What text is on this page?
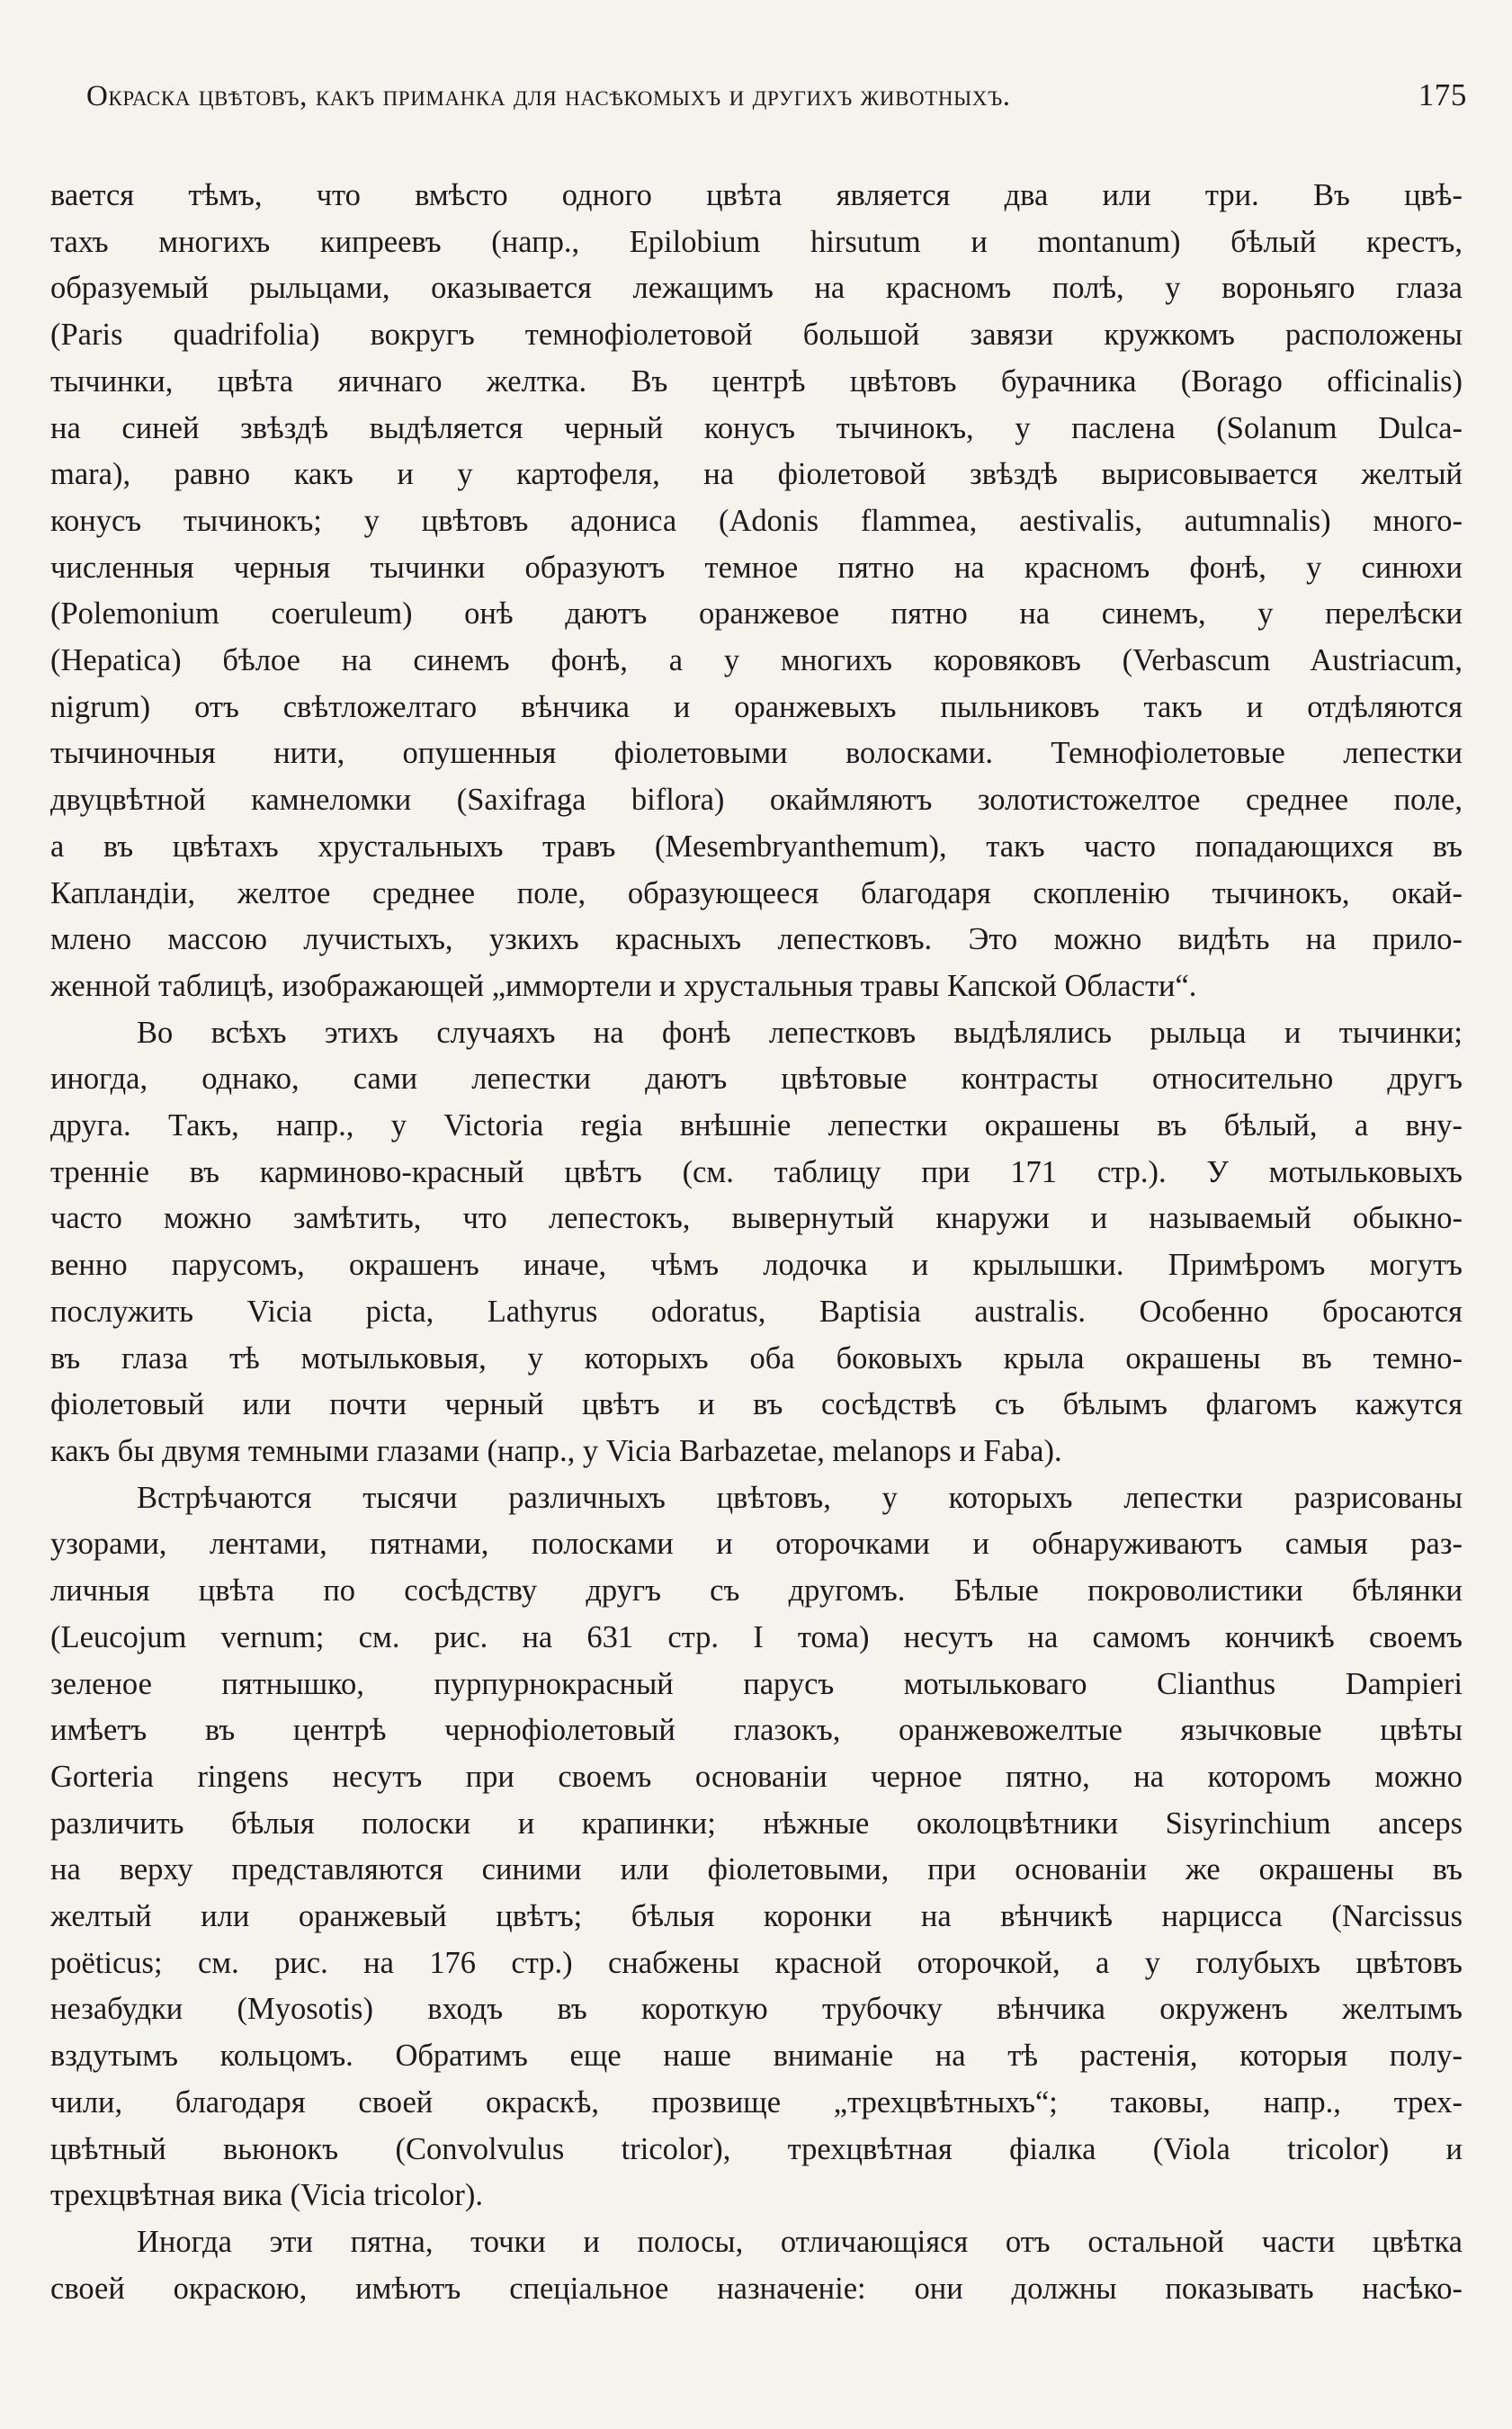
Окраска цвѣтовъ, какъ приманка для насѣкомыхъ и другихъ животныхъ.	175
вается тѣмъ, что вмѣсто одного цвѣта является два или три. Въ цвѣ-
тахъ многихъ кипреевъ (напр., Epilobium hirsutum и montanum) бѣлый крестъ,
образуемый рыльцами, оказывается лежащимъ на красномъ полѣ, у вороньяго глаза
(Paris quadrifolia) вокругъ темнофіолетовой большой завязи кружкомъ расположены
тычинки, цвѣта яичнаго желтка. Въ центрѣ цвѣтовъ бурачника (Borago officinalis)
на синей звѣздѣ выдѣляется черный конусъ тычинокъ, у паслена (Solanum Dulca-
mara), равно какъ и у картофеля, на фіолетовой звѣздѣ вырисовывается желтый
конусъ тычинокъ; у цвѣтовъ адониса (Adonis flammea, aestivalis, autumnalis) много-
численныя черныя тычинки образуютъ темное пятно на красномъ фонѣ, у синюхи
(Polemonium coeruleum) онѣ даютъ оранжевое пятно на синемъ, у перелѣски
(Hepatica) бѣлое на синемъ фонѣ, а у многихъ коровяковъ (Verbascum Austriacum,
nigrum) отъ свѣтложелтаго вѣнчика и оранжевыхъ пыльниковъ такъ и отдѣляются
тычиночныя нити, опушенныя фіолетовыми волосками. Темнофіолетовые лепестки
двуцвѣтной камнеломки (Saxifraga biflora) окаймляютъ золотистожелтое среднее поле,
а въ цвѣтахъ хрустальныхъ травъ (Mesembryanthemum), такъ часто попадающихся въ
Капландіи, желтое среднее поле, образующееся благодаря скопленію тычинокъ, окай-
млено массою лучистыхъ, узкихъ красныхъ лепестковъ. Это можно видѣть на прило-
женной таблицѣ, изображающей „иммортели и хрустальныя травы Капской Области“.
Во всѣхъ этихъ случаяхъ на фонѣ лепестковъ выдѣлялись рыльца и тычинки;
иногда, однако, сами лепестки даютъ цвѣтовые контрасты относительно другъ
друга. Такъ, напр., у Victoria regia внѣшніе лепестки окрашены въ бѣлый, а вну-
тренніе въ карминово-красный цвѣтъ (см. таблицу при 171 стр.). У мотыльковыхъ
часто можно замѣтить, что лепестокъ, вывернутый кнаружи и называемый обыкно-
венно парусомъ, окрашенъ иначе, чѣмъ лодочка и крылышки. Примѣромъ могутъ
послужить Vicia picta, Lathyrus odoratus, Baptisia australis. Особенно бросаются
въ глаза тѣ мотыльковыя, у которыхъ оба боковыхъ крыла окрашены въ темно-
фіолетовый или почти черный цвѣтъ и въ сосѣдствѣ съ бѣлымъ флагомъ кажутся
какъ бы двумя темными глазами (напр., у Vicia Barbazetae, melanops и Faba).
Встрѣчаются тысячи различныхъ цвѣтовъ, у которыхъ лепестки разрисованы
узорами, лентами, пятнами, полосками и оторочками и обнаруживаютъ самыя раз-
личныя цвѣта по сосѣдству другъ съ другомъ. Бѣлые покроволистики бѣлянки
(Leucojum vernum; см. рис. на 631 стр. I тома) несутъ на самомъ кончикѣ своемъ
зеленое пятнышко, пурпурнокрасный парусъ мотыльковаго Clianthus Dampieri
имѣетъ въ центрѣ чернофіолетовый глазокъ, оранжевожелтые язычковые цвѣты
Gorteria ringens несутъ при своемъ основаніи черное пятно, на которомъ можно
различить бѣлыя полоски и крапинки; нѣжные околоцвѣтники Sisyrinchium anceps
на верху представляются синими или фіолетовыми, при основаніи же окрашены въ
желтый или оранжевый цвѣтъ; бѣлыя коронки на вѣнчикѣ нарцисса (Narcissus
poëticus; см. рис. на 176 стр.) снабжены красной оторочкой, а у голубыхъ цвѣтовъ
незабудки (Myosotis) входъ въ короткую трубочку вѣнчика окруженъ желтымъ
вздутымъ кольцомъ. Обратимъ еще наше вниманіе на тѣ растенія, которыя полу-
чили, благодаря своей окраскѣ, прозвище „трехцвѣтныхъ“; таковы, напр., трех-
цвѣтный вьюнокъ (Convolvulus tricolor), трехцвѣтная фіалка (Viola tricolor) и
трехцвѣтная вика (Vicia tricolor).
Иногда эти пятна, точки и полосы, отличающіяся отъ остальной части цвѣтка
своей окраскою, имѣютъ спеціальное назначеніе: они должны показывать насѣко-
